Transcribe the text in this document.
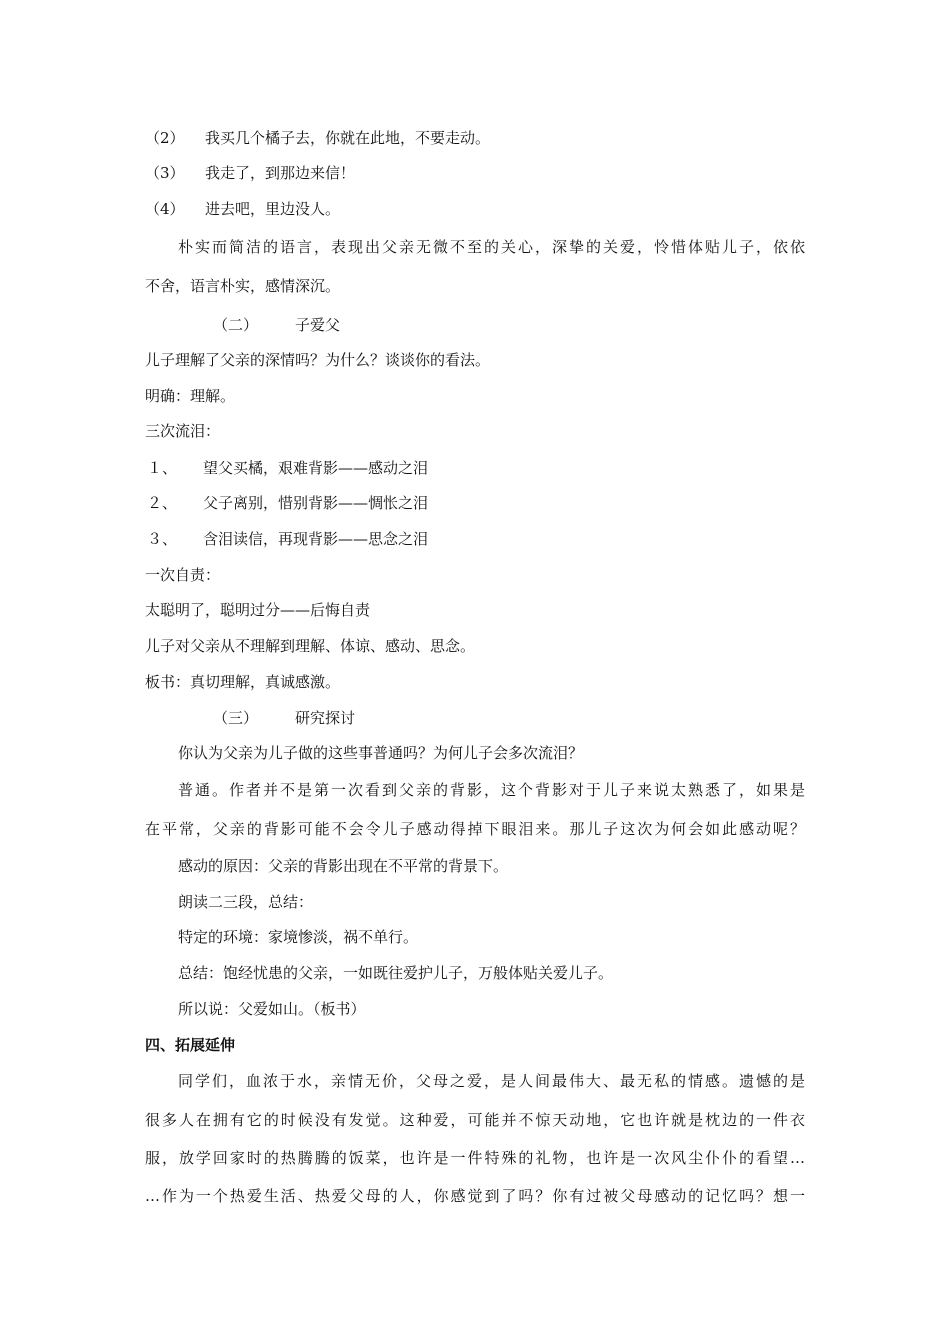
（2） 我买几个橘子去，你就在此地，不要走动。
（3） 我走了，到那边来信！
（4） 进去吧，里边没人。
朴实而简洁的语言，表现出父亲无微不至的关心，深挚的关爱，怜惜体贴儿子，依依
不舍，语言朴实，感情深沉。
（二） 子爱父
儿子理解了父亲的深情吗？为什么？谈谈你的看法。
明确：理解。
三次流泪：
１、 望父买橘，艰难背影——感动之泪
２、 父子离别，惜别背影——惆怅之泪
３、 含泪读信，再现背影——思念之泪
一次自责：
太聪明了，聪明过分——后悔自责
儿子对父亲从不理解到理解、体谅、感动、思念。
板书：真切理解，真诚感激。
（三） 研究探讨
你认为父亲为儿子做的这些事普通吗？为何儿子会多次流泪？
普通。作者并不是第一次看到父亲的背影，这个背影对于儿子来说太熟悉了，如果是
在平常，父亲的背影可能不会令儿子感动得掉下眼泪来。那儿子这次为何会如此感动呢？
感动的原因：父亲的背影出现在不平常的背景下。
朗读二三段，总结：
特定的环境：家境惨淡，祸不单行。
总结：饱经忧患的父亲，一如既往爱护儿子，万般体贴关爱儿子。
所以说：父爱如山。（板书）
四、拓展延伸
同学们，血浓于水，亲情无价，父母之爱，是人间最伟大、最无私的情感。遗憾的是
很多人在拥有它的时候没有发觉。这种爱，可能并不惊天动地，它也许就是枕边的一件衣
服，放学回家时的热腾腾的饭菜，也许是一件特殊的礼物，也许是一次风尘仆仆的看望…
…作为一个热爱生活、热爱父母的人，你感觉到了吗？你有过被父母感动的记忆吗？想一
